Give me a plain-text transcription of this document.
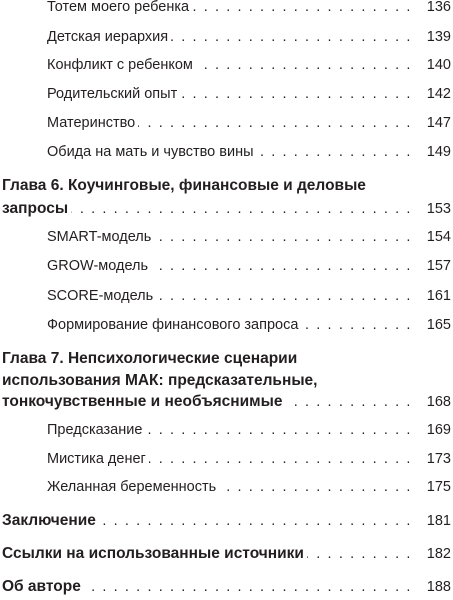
Тотем моего ребенка . . .	136
Детская иерархия . . .	139
Конфликт с ребенком . . .	140
Родительский опыт . . .	142
Материнство . . .	147
Обида на мать и чувство вины . . .	149
Глава 6. Коучинговые, финансовые и деловые
запросы . . .	153
SMART-модель . . .	154
GROW-модель . . .	157
SCORE-модель . . .	161
Формирование финансового запроса . . .	165
Глава 7. Непсихологические сценарии
использования МАК: предсказательные,
тонкочувственные и необъяснимые . . .	168
Предсказание . . .	169
Мистика денег . . .	173
Желанная беременность . . .	175
Заключение . . .	181
Ссылки на использованные источники . . .	182
Об авторе . . .	188
